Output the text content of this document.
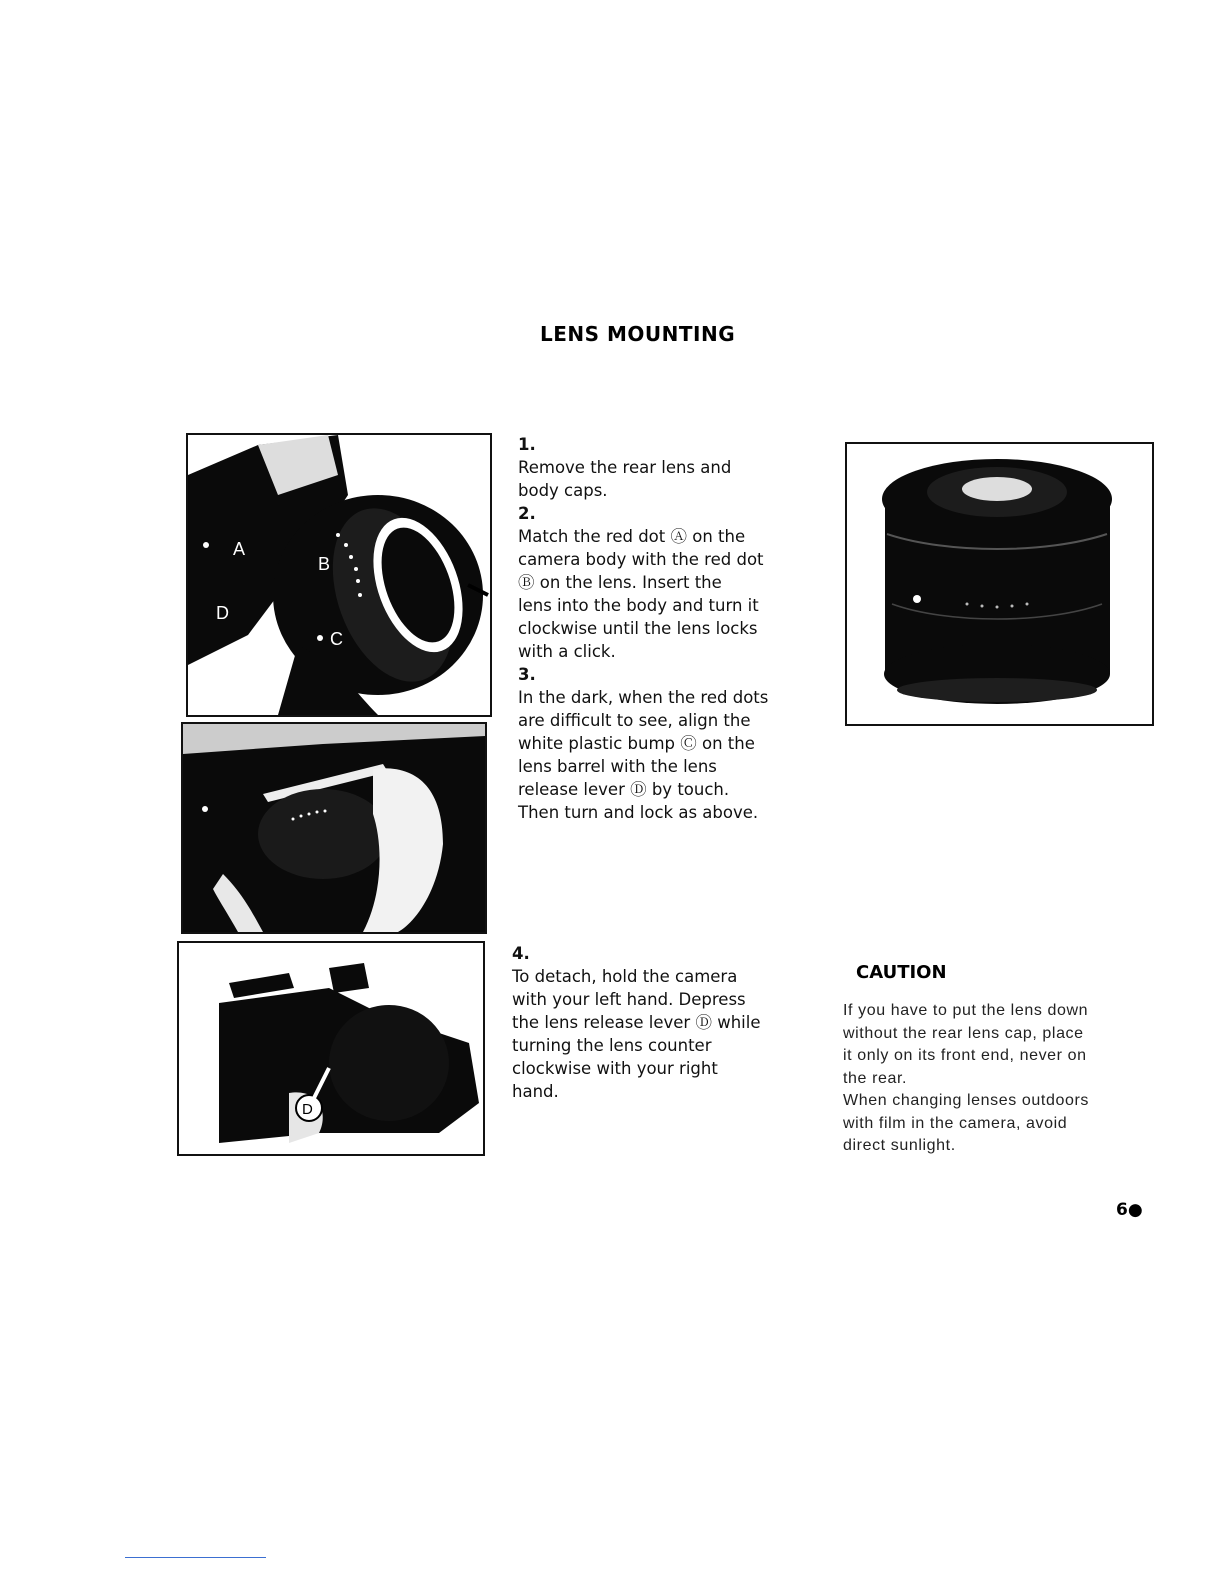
LENS MOUNTING
A
B
C
D
D
1.
Remove the rear lens and
body caps.
2.
Match the red dot Ⓐ on the
camera body with the red dot
Ⓑ on the lens. Insert the
lens into the body and turn it
clockwise until the lens locks
with a click.
3.
In the dark, when the red dots
are difficult to see, align the
white plastic bump Ⓒ on the
lens barrel with the lens
release lever Ⓓ by touch.
Then turn and lock as above.
4.
To detach, hold the camera
with your left hand. Depress
the lens release lever Ⓓ while
turning the lens counter
clockwise with your right
hand.
CAUTION
If you have to put the lens down
without the rear lens cap, place
it only on its front end, never on
the rear.
When changing lenses outdoors
with film in the camera, avoid
direct sunlight.
6●
